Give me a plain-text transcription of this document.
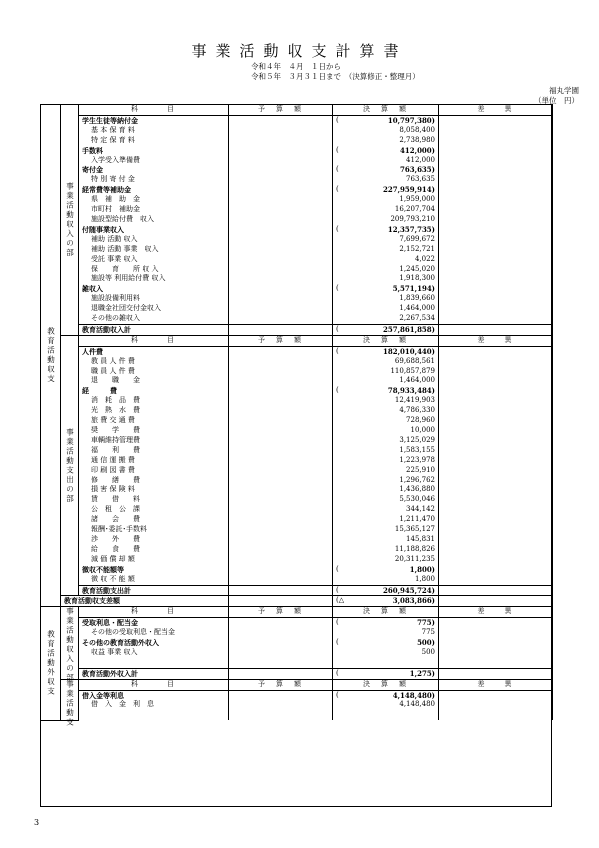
事業活動収支計算書
令和４年　４月　１日から
令和５年　３月３１日まで　（決算修正・整理月）
福丸学園
（単位　円）
教育活動収支	事業活動収入の部	科　　　目	予　算　額	決　算　額		差　　異
		学生生徒等納付金		(	10,797,380)	
		基 本 保 育 料			8,058,400	
		特 定 保 育 料			2,738,980	
		手数料		(	412,000)	
		入学受入準備費			412,000	
		寄付金		(	763,635)	
		特 別 寄 付 金			763,635	
		経常費等補助金		(	227,959,914)	
		県　補　助　金			1,959,000	
		市町村　補助金			16,207,704	
		施設型給付費　収入			209,793,210	
		付随事業収入		(	12,357,735)	
		補助 活動 収入			7,699,672	
		補助 活動 事業　収入			2,152,721	
		受託 事業 収入			4,022	
		保　　育　　所 収 入			1,245,020	
		施設等 利用給付費 収入			1,918,300	
		雑収入		(	5,571,194)	
		施設設備利用料			1,839,660	
		退職金社団交付金収入			1,464,000	
		その他の雑収入			2,267,534	
		教育活動収入計		(	257,861,858)	
	事業活動支出の部	科　　　目	予　算　額	決　算　額		差　　異
		人件費		(	182,010,440)	
		教 員 人 件 費			69,688,561	
		職 員 人 件 費			110,857,879	
		退　　職　　金			1,464,000	
		経　　　費		(	78,933,484)	
		消　耗　品　費			12,419,903	
		光　熱　水　費			4,786,330	
		旅 費 交 通 費			728,960	
		奨　　学　　費			10,000	
		車輌維持管理費			3,125,029	
		福　　利　　費			1,583,155	
		通 信 運 搬 費			1,223,978	
		印 刷 図 書 費			225,910	
		修　　繕　　費			1,296,762	
		損 害 保 険 料			1,436,880	
		賃　　借　　料			5,530,046	
		公　租　公　課			344,142	
		諸　　会　　費			1,211,470	
		報酬･委託･手数料			15,365,127	
		渉　　外　　費			145,831	
		給　　食　　費			11,188,826	
		減 価 償 却 額			20,311,235	
		徴収不能額等		(	1,800)	
		徴 収 不 能 額			1,800	
		教育活動支出計		(	260,945,724)	
	教育活動収支差額			(△	3,083,866)	
教育活動外収支	事業活動収入の部	科　　　目	予　算　額	決　算　額		差　　異
		受取利息・配当金		(	775)	
		その他の受取利息・配当金			775	
		その他の教育活動外収入		(	500)	
		収益 事業 収入			500	

		教育活動外収入計		(	1,275)	
	事業活動支	科　　　目	予　算　額	決　算　額		差　　異
		借入金等利息		(	4,148,480)	
		借　入　金　利　息			4,148,480	

3
